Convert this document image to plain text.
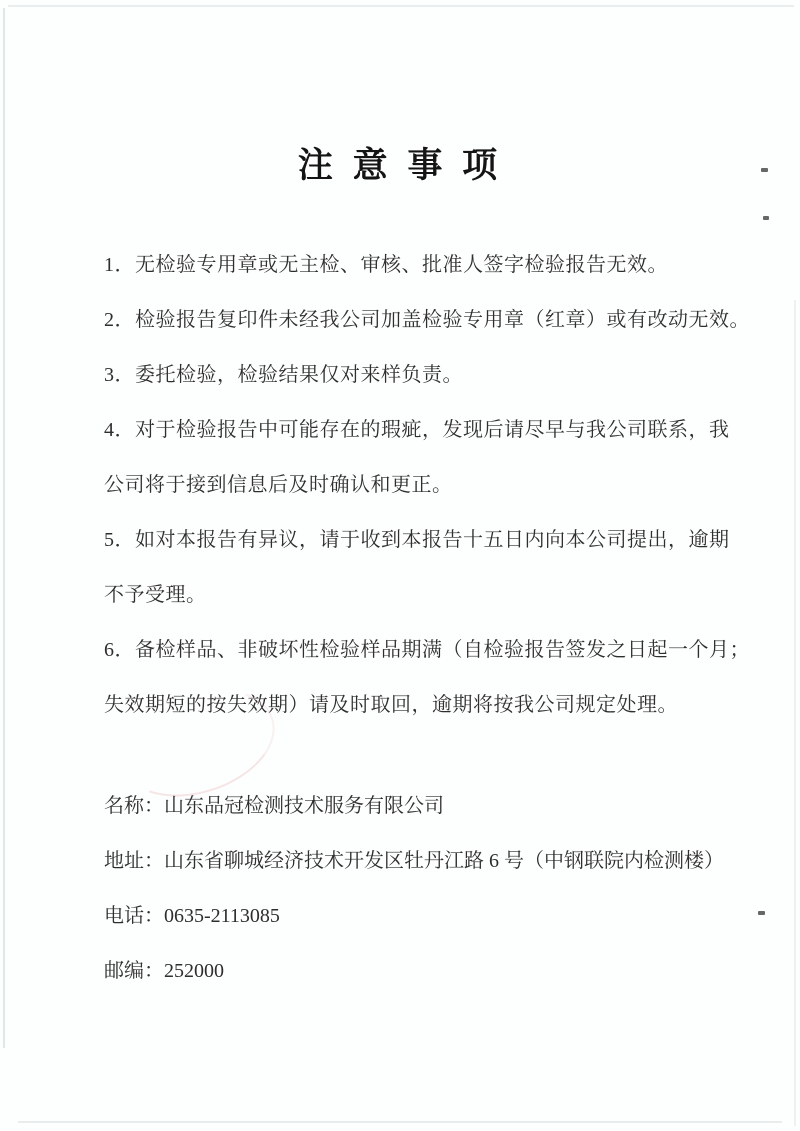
注 意 事 项
1．无检验专用章或无主检、审核、批准人签字检验报告无效。
2．检验报告复印件未经我公司加盖检验专用章（红章）或有改动无效。
3．委托检验，检验结果仅对来样负责。
4．对于检验报告中可能存在的瑕疵，发现后请尽早与我公司联系，我
公司将于接到信息后及时确认和更正。
5．如对本报告有异议，请于收到本报告十五日内向本公司提出，逾期
不予受理。
6．备检样品、非破坏性检验样品期满（自检验报告签发之日起一个月；
失效期短的按失效期）请及时取回，逾期将按我公司规定处理。
名称：山东品冠检测技术服务有限公司
地址：山东省聊城经济技术开发区牡丹江路 6 号（中钢联院内检测楼）
电话：0635-2113085
邮编：252000
